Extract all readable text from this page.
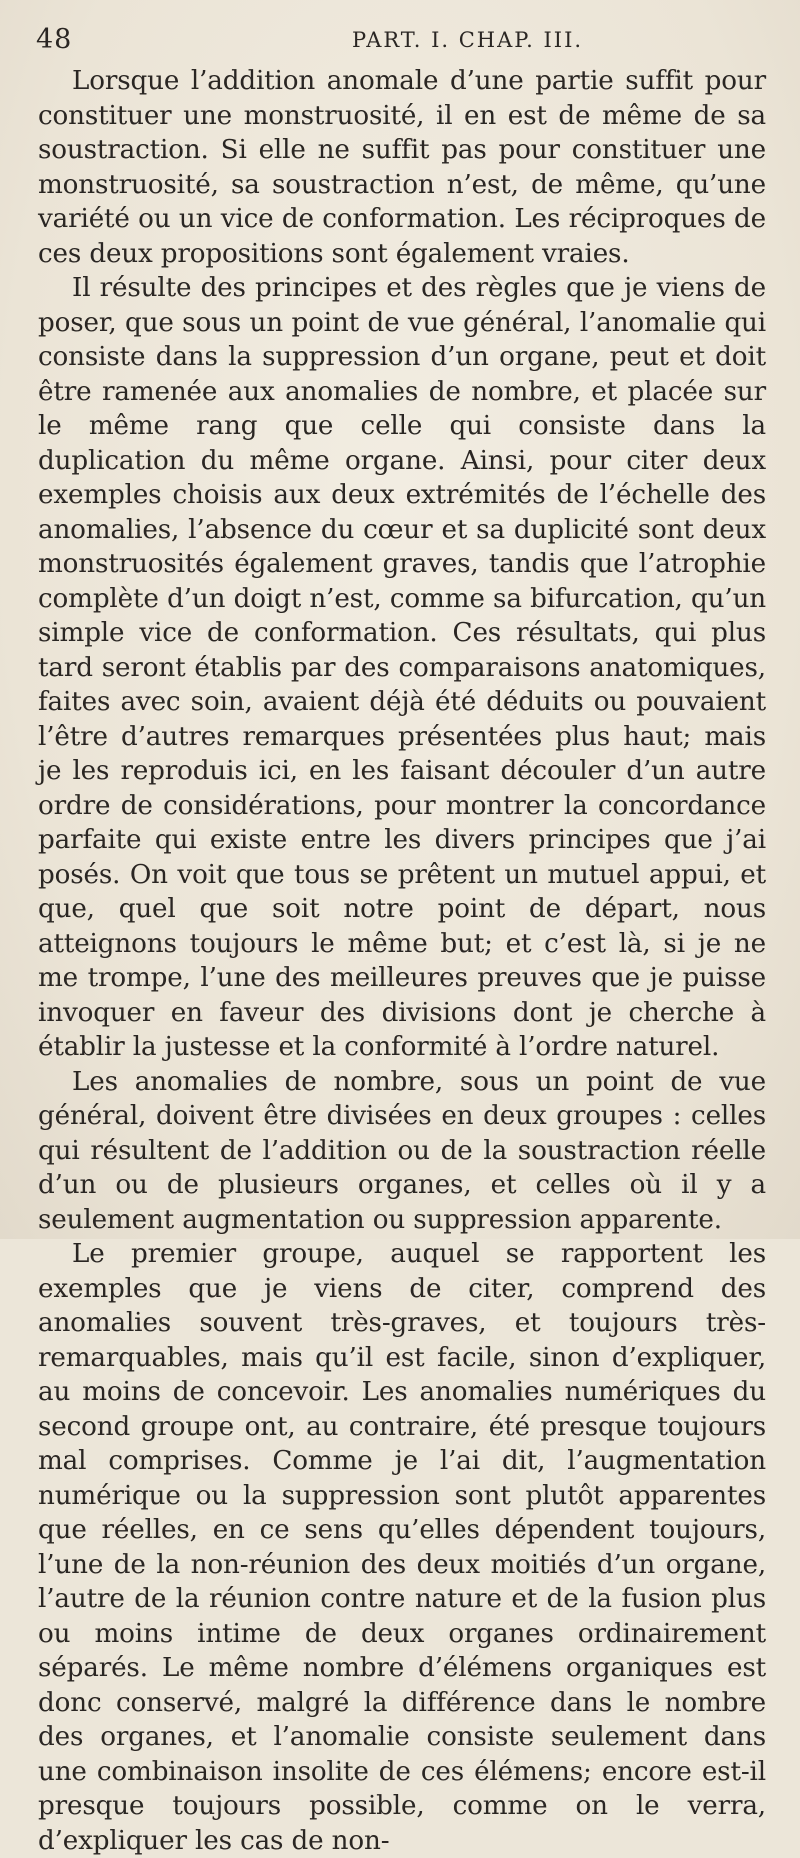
48	PART. I. CHAP. III.

Lorsque l’addition anomale d’une partie suffit pour constituer une monstruosité, il en est de même de sa soustraction. Si elle ne suffit pas pour constituer une monstruosité, sa soustraction n’est, de même, qu’une variété ou un vice de conformation. Les réciproques de ces deux propositions sont également vraies.

Il résulte des principes et des règles que je viens de poser, que sous un point de vue général, l’anomalie qui consiste dans la suppression d’un organe, peut et doit être ramenée aux anomalies de nombre, et placée sur le même rang que celle qui consiste dans la duplication du même organe. Ainsi, pour citer deux exemples choisis aux deux extrémités de l’échelle des anomalies, l’absence du cœur et sa duplicité sont deux monstruosités également graves, tandis que l’atrophie complète d’un doigt n’est, comme sa bifurcation, qu’un simple vice de conformation. Ces résultats, qui plus tard seront établis par des comparaisons anatomiques, faites avec soin, avaient déjà été déduits ou pouvaient l’être d’autres remarques présentées plus haut; mais je les reproduis ici, en les faisant découler d’un autre ordre de considérations, pour montrer la concordance parfaite qui existe entre les divers principes que j’ai posés. On voit que tous se prêtent un mutuel appui, et que, quel que soit notre point de départ, nous atteignons toujours le même but; et c’est là, si je ne me trompe, l’une des meilleures preuves que je puisse invoquer en faveur des divisions dont je cherche à établir la justesse et la conformité à l’ordre naturel.

Les anomalies de nombre, sous un point de vue général, doivent être divisées en deux groupes : celles qui résultent de l’addition ou de la soustraction réelle d’un ou de plusieurs organes, et celles où il y a seulement augmentation ou suppression apparente.

Le premier groupe, auquel se rapportent les exemples que je viens de citer, comprend des anomalies souvent très-graves, et toujours très-remarquables, mais qu’il est facile, sinon d’expliquer, au moins de concevoir. Les anomalies numériques du second groupe ont, au contraire, été presque toujours mal comprises. Comme je l’ai dit, l’augmentation numérique ou la suppression sont plutôt apparentes que réelles, en ce sens qu’elles dépendent toujours, l’une de la non-réunion des deux moitiés d’un organe, l’autre de la réunion contre nature et de la fusion plus ou moins intime de deux organes ordinairement séparés. Le même nombre d’élémens organiques est donc conservé, malgré la différence dans le nombre des organes, et l’anomalie consiste seulement dans une combinaison insolite de ces élémens; encore est-il presque toujours possible, comme on le verra, d’expliquer les cas de non-
